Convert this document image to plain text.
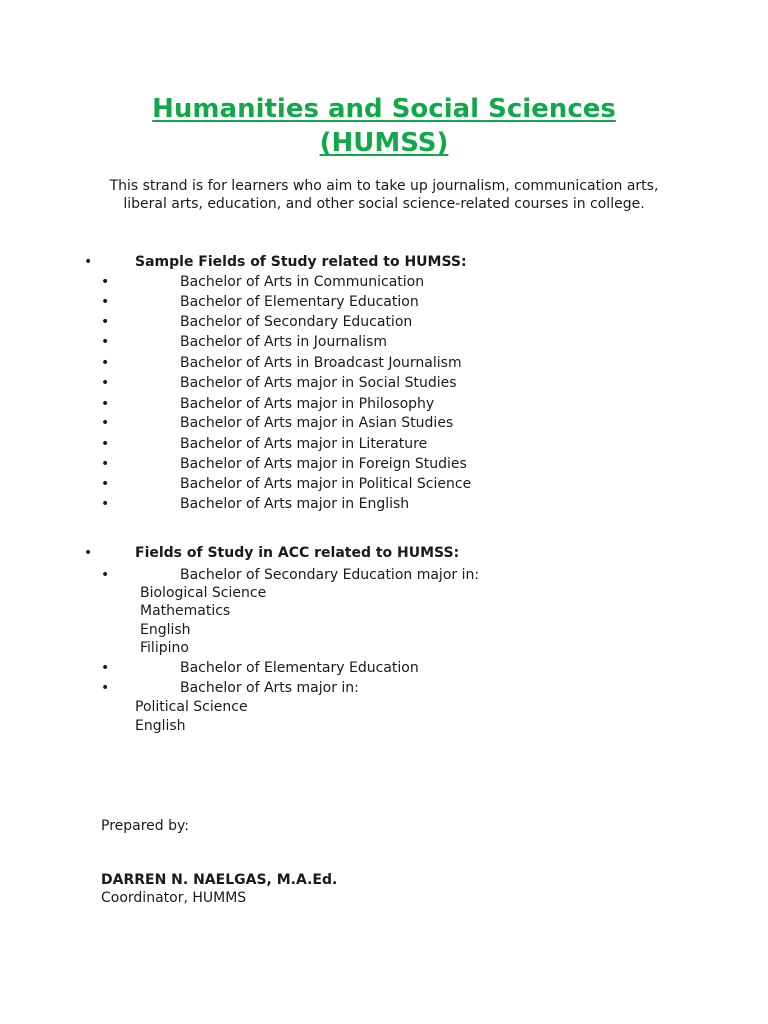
Humanities and Social Sciences
(HUMSS)
This strand is for learners who aim to take up journalism, communication arts, liberal arts, education, and other social science-related courses in college.
•	Sample Fields of Study related to HUMSS:
•	Bachelor of Arts in Communication
•	Bachelor of Elementary Education
•	Bachelor of Secondary Education
•	Bachelor of Arts in Journalism
•	Bachelor of Arts in Broadcast Journalism
•	Bachelor of Arts major in Social Studies
•	Bachelor of Arts major in Philosophy
•	Bachelor of Arts major in Asian Studies
•	Bachelor of Arts major in Literature
•	Bachelor of Arts major in Foreign Studies
•	Bachelor of Arts major in Political Science
•	Bachelor of Arts major in English
•	Fields of Study in ACC related to HUMSS:
•	Bachelor of Secondary Education major in:
Biological Science
Mathematics
English
Filipino
•	Bachelor of Elementary Education
•	Bachelor of Arts major in:
Political Science
English
Prepared by:
DARREN N. NAELGAS, M.A.Ed.
Coordinator, HUMMS
